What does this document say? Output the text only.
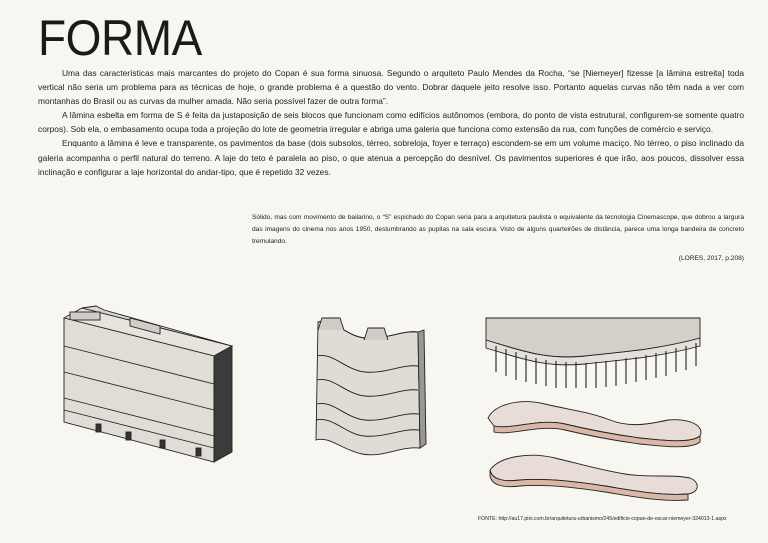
FORMA

Uma das características mais marcantes do projeto do Copan é sua forma sinuosa. Segundo o arquiteto Paulo Mendes da Rocha, “se [Niemeyer] fizesse [a lâmina estreita] toda vertical não seria um problema para as técnicas de hoje, o grande problema é a questão do vento. Dobrar daquele jeito resolve isso. Portanto aquelas curvas não têm nada a ver com montanhas do Brasil ou as curvas da mulher amada. Não seria possível fazer de outra forma”.

A lâmina esbelta em forma de S é feita da justaposição de seis blocos que funcionam como edifícios autônomos (embora, do ponto de vista estrutural, configurem-se somente quatro corpos). Sob ela, o embasamento ocupa toda a projeção do lote de geometria irregular e abriga uma galeria que funciona como extensão da rua, com funções de comércio e serviço.

Enquanto a lâmina é leve e transparente, os pavimentos da base (dois subsolos, térreo, sobreloja, foyer e terraço) escondem-se em um volume maciço. No térreo, o piso inclinado da galeria acompanha o perfil natural do terreno. A laje do teto é paralela ao piso, o que atenua a percepção do desnível. Os pavimentos superiores é que irão, aos poucos, dissolver essa inclinação e configurar a laje horizontal do andar-tipo, que é repetido 32 vezes.

Sólido, mas com movimento de bailarino, o “S” espichado do Copan seria para a arquitetura paulista o equivalente da tecnologia Cinemascope, que dobrou a largura das imagens do cinema nos anos 1950, deslumbrando as pupilas na sala escura. Visto de alguns quarteirões de distância, parece uma longa bandeira de concreto tremulando.

(LORES, 2017, p.208)
FONTE: http://au17.pini.com.br/arquitetura-urbanismo/245/edificio-copan-de-oscar-niemeyer-324013-1.aspx
